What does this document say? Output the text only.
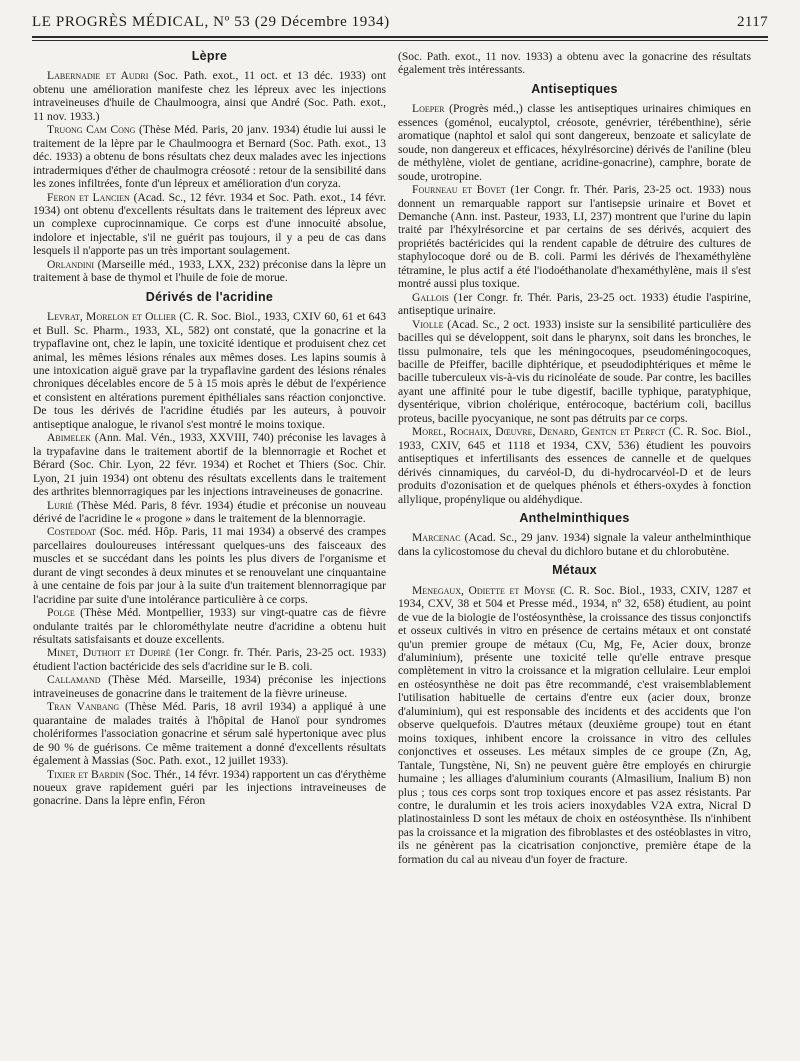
LE PROGRÈS MÉDICAL, Nº 53 (29 Décembre 1934)	2117
Lèpre

Labernadie et Audri (Soc. Path. exot., 11 oct. et 13 déc. 1933) ont obtenu une amélioration manifeste chez les lépreux avec les injections intraveineuses d'huile de Chaulmoogra, ainsi que André (Soc. Path. exot., 11 nov. 1933.)

Truong Cam Cong (Thèse Méd. Paris, 20 janv. 1934) étudie lui aussi le traitement de la lèpre par le Chaulmoogra et Bernard (Soc. Path. exot., 13 déc. 1933) a obtenu de bons résultats chez deux malades avec les injections intradermiques d'éther de chaulmogra créosoté : retour de la sensibilité dans les zones infiltrées, fonte d'un lépreux et amélioration d'un coryza.

Feron et Lancien (Acad. Sc., 12 févr. 1934 et Soc. Path. exot., 14 févr. 1934) ont obtenu d'excellents résultats dans le traitement des lépreux avec un complexe cuprocinnamique. Ce corps est d'une innocuité absolue, indolore et injectable, s'il ne guérit pas toujours, il y a peu de cas dans lesquels il n'apporte pas un très important soulagement.

Orlandini (Marseille méd., 1933, LXX, 232) préconise dans la lèpre un traitement à base de thymol et l'huile de foie de morue.

Dérivés de l'acridine

Levrat, Morelon et Ollier (C. R. Soc. Biol., 1933, CXIV 60, 61 et 643 et Bull. Sc. Pharm., 1933, XL, 582) ont constaté, que la gonacrine et la trypaflavine ont, chez le lapin, une toxicité identique et produisent chez cet animal, les mêmes lésions rénales aux mêmes doses. Les lapins soumis à une intoxication aiguë grave par la trypaflavine gardent des lésions rénales chroniques décelables encore de 5 à 15 mois après le début de l'expérience et consistent en altérations purement épithéliales sans réaction conjonctive. De tous les dérivés de l'acridine étudiés par les auteurs, à pouvoir antiseptique analogue, le rivanol s'est montré le moins toxique.

Abimelek (Ann. Mal. Vén., 1933, XXVIII, 740) préconise les lavages à la trypafavine dans le traitement abortif de la blennorragie et Rochet et Bérard (Soc. Chir. Lyon, 22 févr. 1934) et Rochet et Thiers (Soc. Chir. Lyon, 21 juin 1934) ont obtenu des résultats excellents dans le traitement des arthrites blennorragiques par les injections intraveineuses de gonacrine.

Lurié (Thèse Méd. Paris, 8 févr. 1934) étudie et préconise un nouveau dérivé de l'acridine le « progone » dans le traitement de la blennorragie.

Costedoat (Soc. méd. Hôp. Paris, 11 mai 1934) a observé des crampes parcellaires douloureuses intéressant quelques-uns des faisceaux des muscles et se succédant dans les points les plus divers de l'organisme et durant de vingt secondes à deux minutes et se renouvelant une cinquantaine à une centaine de fois par jour à la suite d'un traitement blennorragique par l'acridine par suite d'une intolérance particulière à ce corps.

Polge (Thèse Méd. Montpellier, 1933) sur vingt-quatre cas de fièvre ondulante traités par le chlorométhylate neutre d'acridine a obtenu huit résultats satisfaisants et douze excellents.

Minet, Duthoit et Dupiré (1er Congr. fr. Thér. Paris, 23-25 oct. 1933) étudient l'action bactéricide des sels d'acridine sur le B. coli.

Callamand (Thèse Méd. Marseille, 1934) préconise les injections intraveineuses de gonacrine dans le traitement de la fièvre urineuse.

Tran Vanbang (Thèse Méd. Paris, 18 avril 1934) a appliqué à une quarantaine de malades traités à l'hôpital de Hanoï pour syndromes cholériformes l'association gonacrine et sérum salé hypertonique avec plus de 90 % de guérisons. Ce même traitement a donné d'excellents résultats également à Massias (Soc. Path. exot., 12 juillet 1933).

Tixier et Bardin (Soc. Thér., 14 févr. 1934) rapportent un cas d'érythème noueux grave rapidement guéri par les injections intraveineuses de gonacrine. Dans la lèpre enfin, Féron

(Soc. Path. exot., 11 nov. 1933) a obtenu avec la gonacrine des résultats également très intéressants.

Antiseptiques

Loeper (Progrès méd.,) classe les antiseptiques urinaires chimiques en essences (goménol, eucalyptol, créosote, genévrier, térébenthine), série aromatique (naphtol et salol qui sont dangereux, benzoate et salicylate de soude, non dangereux et efficaces, héxylrésorcine) dérivés de l'aniline (bleu de méthylène, violet de gentiane, acridine-gonacrine), camphre, borate de soude, urotropine.

Fourneau et Bovet (1er Congr. fr. Thér. Paris, 23-25 oct. 1933) nous donnent un remarquable rapport sur l'antisepsie urinaire et Bovet et Demanche (Ann. inst. Pasteur, 1933, LI, 237) montrent que l'urine du lapin traité par l'héxylrésorcine et par certains de ses dérivés, acquiert des propriétés bactéricides qui la rendent capable de détruire des cultures de staphylocoque doré ou de B. coli. Parmi les dérivés de l'hexaméthylène tétramine, le plus actif a été l'iodoéthanolate d'hexaméthylène, mais il s'est montré aussi plus toxique.

Gallois (1er Congr. fr. Thér. Paris, 23-25 oct. 1933) étudie l'aspirine, antiseptique urinaire.

Violle (Acad. Sc., 2 oct. 1933) insiste sur la sensibilité particulière des bacilles qui se développent, soit dans le pharynx, soit dans les bronches, le tissu pulmonaire, tels que les méningocoques, pseudoméningocoques, bacille de Pfeiffer, bacille diphtérique, et pseudodiphtériques et même le bacille tuberculeux vis-à-vis du ricinoléate de soude. Par contre, les bacilles ayant une affinité pour le tube digestif, bacille typhique, paratyphique, dysentérique, vibrion cholérique, entérocoque, bactérium coli, bacillus proteus, bacille pyocyanique, ne sont pas détruits par ce corps.

Morel, Rochaix, Dœuvre, Denard, Gentcn et Perfct (C. R. Soc. Biol., 1933, CXIV, 645 et 1118 et 1934, CXV, 536) étudient les pouvoirs antiseptiques et infertilisants des essences de cannelle et de quelques dérivés cinnamiques, du carvéol-D, du di-hydrocarvéol-D et de leurs produits d'ozonisation et de quelques phénols et éthers-oxydes à fonction allylique, propénylique ou aldéhydique.

Anthelminthiques

Marcenac (Acad. Sc., 29 janv. 1934) signale la valeur anthelminthique dans la cylicostomose du cheval du dichloro butane et du chlorobutène.

Métaux

Menegaux, Odiette et Moyse (C. R. Soc. Biol., 1933, CXIV, 1287 et 1934, CXV, 38 et 504 et Presse méd., 1934, nº 32, 658) étudient, au point de vue de la biologie de l'ostéosynthèse, la croissance des tissus conjonctifs et osseux cultivés in vitro en présence de certains métaux et ont constaté qu'un premier groupe de métaux (Cu, Mg, Fe, Acier doux, bronze d'aluminium), présente une toxicité telle qu'elle entrave presque complètement in vitro la croissance et la migration cellulaire. Leur emploi en ostéosynthèse ne doit pas être recommandé, c'est vraisemblablement l'utilisation habituelle de certains d'entre eux (acier doux, bronze d'aluminium), qui est responsable des incidents et des accidents que l'on observe quelquefois. D'autres métaux (deuxième groupe) tout en étant moins toxiques, inhibent encore la croissance in vitro des cellules conjonctives et osseuses. Les métaux simples de ce groupe (Zn, Ag, Tantale, Tungstène, Ni, Sn) ne peuvent guère être employés en chirurgie humaine ; les alliages d'aluminium courants (Almasilium, Inalium B) non plus ; tous ces corps sont trop toxiques encore et pas assez résistants. Par contre, le duralumin et les trois aciers inoxydables V2A extra, Nicral D platinostainless D sont les métaux de choix en ostéosynthèse. Ils n'inhibent pas la croissance et la migration des fibroblastes et des ostéoblastes in vitro, ils ne génèrent pas la cicatrisation conjonctive, première étape de la formation du cal au niveau d'un foyer de fracture.
